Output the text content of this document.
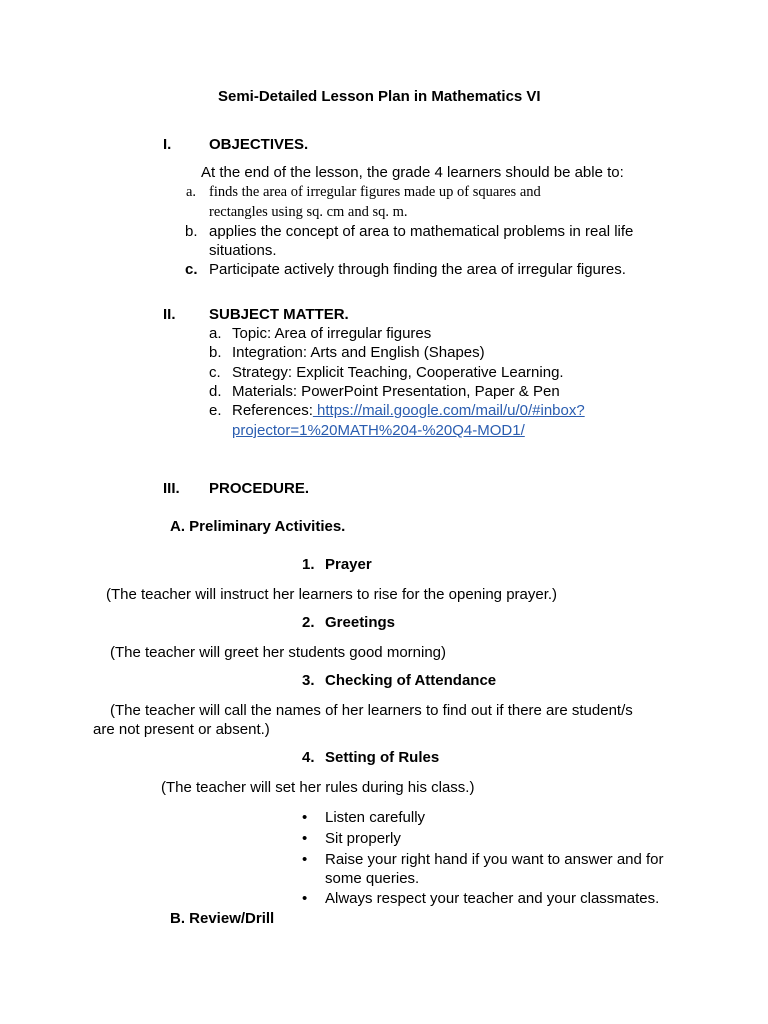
Semi-Detailed Lesson Plan in Mathematics VI
I.	OBJECTIVES.
At the end of the lesson, the grade 4 learners should be able to:
a. finds the area of irregular figures made up of squares and
rectangles using sq. cm and sq. m.
b. applies the concept of area to mathematical problems in real life
situations.
c. Participate actively through finding the area of irregular figures.
II. SUBJECT MATTER.
a. Topic: Area of irregular figures
b. Integration: Arts and English (Shapes)
c. Strategy: Explicit Teaching, Cooperative Learning.
d. Materials: PowerPoint Presentation, Paper & Pen
e. References: https://mail.google.com/mail/u/0/#inbox?
projector=1%20MATH%204-%20Q4-MOD1/
III. PROCEDURE.
A. Preliminary Activities.
1. Prayer
(The teacher will instruct her learners to rise for the opening prayer.)
2. Greetings
(The teacher will greet her students good morning)
3. Checking of Attendance
(The teacher will call the names of her learners to find out if there are student/s
are not present or absent.)
4. Setting of Rules
(The teacher will set her rules during his class.)
• Listen carefully
• Sit properly
• Raise your right hand if you want to answer and for
some queries.
• Always respect your teacher and your classmates.
B. Review/Drill
